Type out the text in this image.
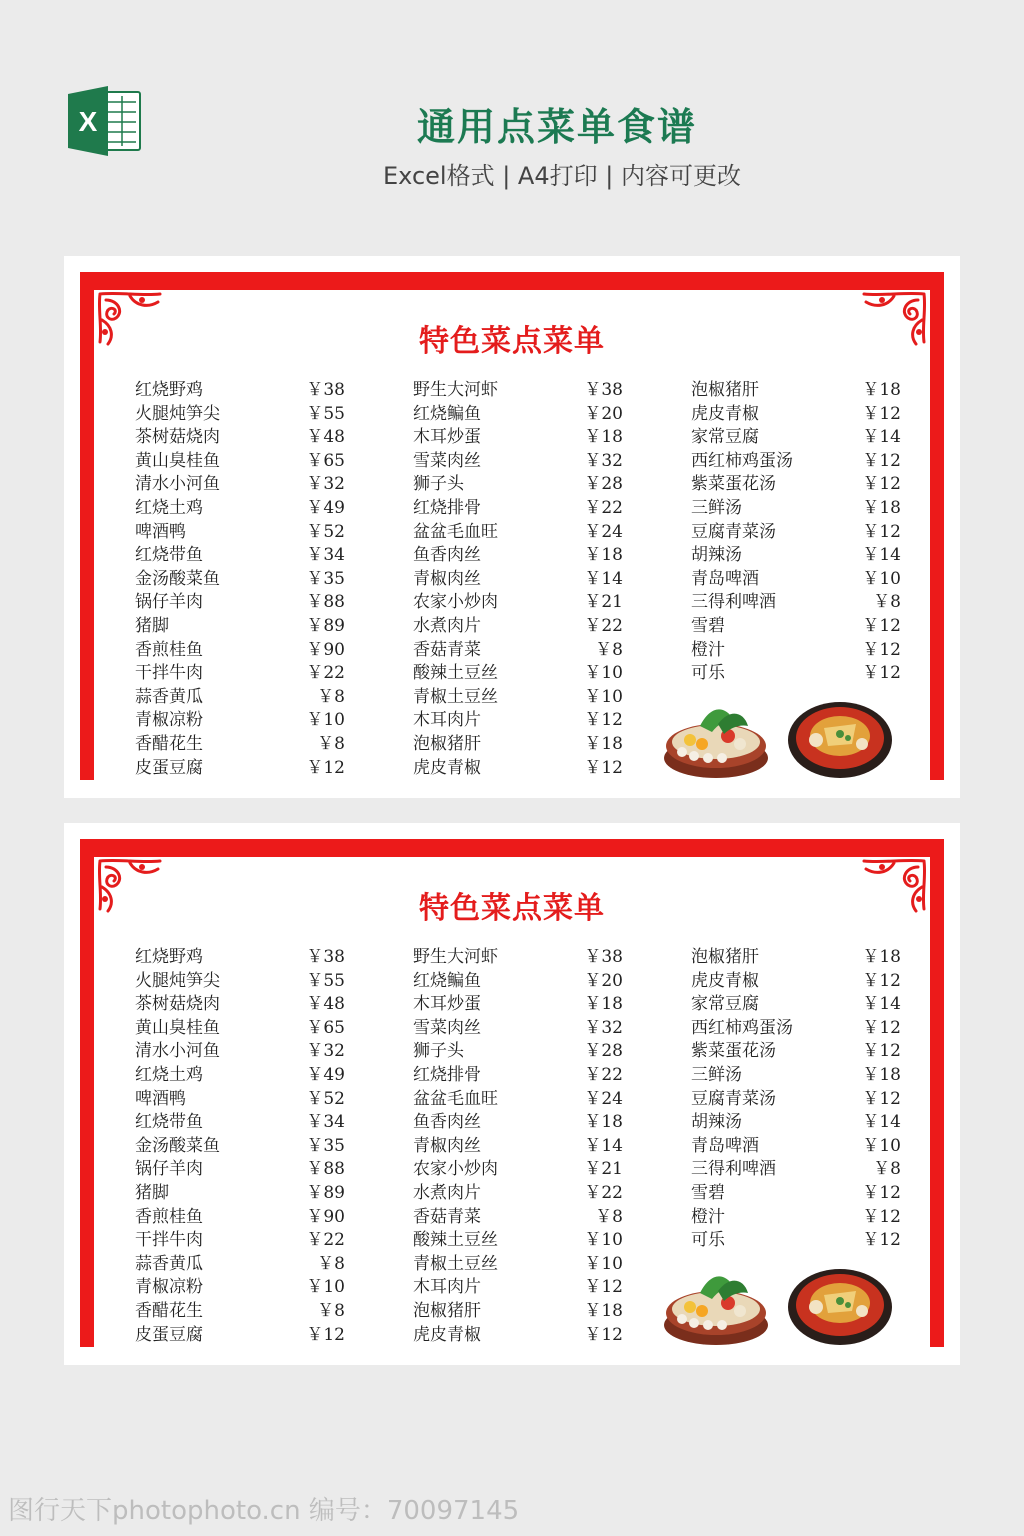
X	通用点菜单食谱
Excel格式 | A4打印 | 内容可更改
特色菜点菜单
红烧野鸡	￥38
火腿炖笋尖	￥55
茶树菇烧肉	￥48
黄山臭桂鱼	￥65
清水小河鱼	￥32
红烧土鸡	￥49
啤酒鸭	￥52
红烧带鱼	￥34
金汤酸菜鱼	￥35
锅仔羊肉	￥88
猪脚	￥89
香煎桂鱼	￥90
干拌牛肉	￥22
蒜香黄瓜	￥8
青椒凉粉	￥10
香醋花生	￥8
皮蛋豆腐	￥12
野生大河虾	￥38
红烧鳊鱼	￥20
木耳炒蛋	￥18
雪菜肉丝	￥32
狮子头	￥28
红烧排骨	￥22
盆盆毛血旺	￥24
鱼香肉丝	￥18
青椒肉丝	￥14
农家小炒肉	￥21
水煮肉片	￥22
香菇青菜	￥8
酸辣土豆丝	￥10
青椒土豆丝	￥10
木耳肉片	￥12
泡椒猪肝	￥18
虎皮青椒	￥12
泡椒猪肝	￥18
虎皮青椒	￥12
家常豆腐	￥14
西红柿鸡蛋汤	￥12
紫菜蛋花汤	￥12
三鲜汤	￥18
豆腐青菜汤	￥12
胡辣汤	￥14
青岛啤酒	￥10
三得利啤酒	￥8
雪碧	￥12
橙汁	￥12
可乐	￥12
特色菜点菜单
红烧野鸡	￥38
火腿炖笋尖	￥55
茶树菇烧肉	￥48
黄山臭桂鱼	￥65
清水小河鱼	￥32
红烧土鸡	￥49
啤酒鸭	￥52
红烧带鱼	￥34
金汤酸菜鱼	￥35
锅仔羊肉	￥88
猪脚	￥89
香煎桂鱼	￥90
干拌牛肉	￥22
蒜香黄瓜	￥8
青椒凉粉	￥10
香醋花生	￥8
皮蛋豆腐	￥12
野生大河虾	￥38
红烧鳊鱼	￥20
木耳炒蛋	￥18
雪菜肉丝	￥32
狮子头	￥28
红烧排骨	￥22
盆盆毛血旺	￥24
鱼香肉丝	￥18
青椒肉丝	￥14
农家小炒肉	￥21
水煮肉片	￥22
香菇青菜	￥8
酸辣土豆丝	￥10
青椒土豆丝	￥10
木耳肉片	￥12
泡椒猪肝	￥18
虎皮青椒	￥12
泡椒猪肝	￥18
虎皮青椒	￥12
家常豆腐	￥14
西红柿鸡蛋汤	￥12
紫菜蛋花汤	￥12
三鲜汤	￥18
豆腐青菜汤	￥12
胡辣汤	￥14
青岛啤酒	￥10
三得利啤酒	￥8
雪碧	￥12
橙汁	￥12
可乐	￥12
图行天下photophoto.cn 编号：70097145
